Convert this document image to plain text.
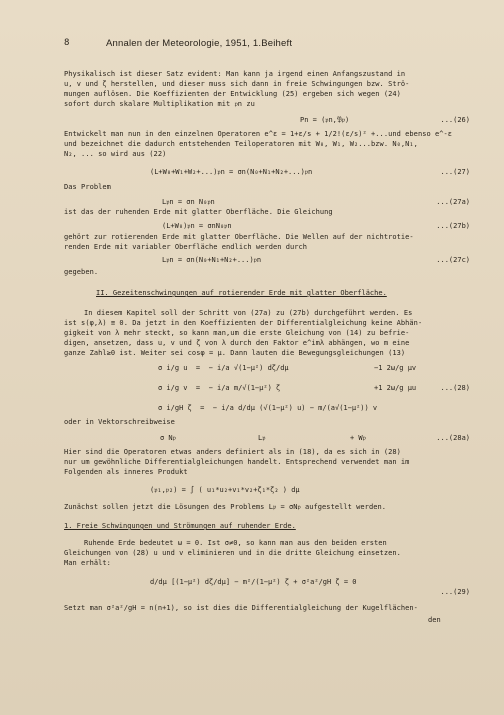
8	Annalen der Meteorologie, 1951, 1.Beiheft
Physikalisch ist dieser Satz evident: Man kann ja irgend einen Anfangszustand in
u, v und ζ herstellen, und dieser muss sich dann in freie Schwingungen bzw. Strö-
mungen auflösen. Die Koeffizienten der Entwicklung (25) ergeben sich wegen (24)
sofort durch skalare Multiplikation mit 𝔭n zu
Pn = (𝔭n,𝔓𝔭)	...(26)
Entwickelt man nun in den einzelnen Operatoren e^ε = 1+ε/s + 1/2!(ε/s)² +...und ebenso e^-ε
und bezeichnet die dadurch entstehenden Teiloperatoren mit W₀, W₁, W₂...bzw. N₀,N₁,
N₂, ... so wird aus (22)
(L+W₀+W₁+W₂+...)𝔭n = σn(N₀+N₁+N₂+...)𝔭n	...(27)
Das Problem
L𝔭n = σn N₀𝔭n	...(27a)
ist das der ruhenden Erde mit glatter Oberfläche. Die Gleichung
(L+W₀)𝔭n = σnN₀𝔭n	...(27b)
gehört zur rotierenden Erde mit glatter Oberfläche. Die Wellen auf der nichtrotie-
renden Erde mit variabler Oberfläche endlich werden durch
L𝔭n = σn(N₀+N₁+N₂+...)𝔭n	...(27c)
gegeben.
II. Gezeitenschwingungen auf rotierender Erde mit glatter Oberfläche.
In diesem Kapitel soll der Schritt von (27a) zu (27b) durchgeführt werden. Es
ist s(φ,λ) ≡ 0. Da jetzt in den Koeffizienten der Differentialgleichung keine Abhän-
gigkeit von λ mehr steckt, so kann man,um die erste Gleichung von (14) zu befrie-
digen, ansetzen, dass u, v und ζ von λ durch den Faktor e^imλ abhängen, wo m eine
ganze Zahl≥0 ist. Weiter sei cosφ = μ. Dann lauten die Bewegungsgleichungen (13)
σ i/g u  =  − i/a √(1−μ²) dζ/dμ	−1 2ω/g μv
σ i/g v  =  − i/a m/√(1−μ²) ζ	+1 2ω/g μu	...(28)
σ i/gH ζ  =  − i/a d/dμ (√(1−μ²) u) − m/(a√(1−μ²)) v
oder in Vektorschreibweise
σ N𝔭	L𝔭	+ W𝔭	...(28a)
Hier sind die Operatoren etwas anders definiert als in (18), da es sich in (28)
nur um gewöhnliche Differentialgleichungen handelt. Entsprechend verwendet man im
Folgenden als inneres Produkt
(𝔭₁,𝔭₂) = ∫ ( u₁*u₂+v₁*v₂+ζ₁*ζ₂ ) dμ
Zunächst sollen jetzt die Lösungen des Problems L𝔭 = σN𝔭 aufgestellt werden.
1. Freie Schwingungen und Strömungen auf ruhender Erde.
Ruhende Erde bedeutet ω = 0. Ist σ≠0, so kann man aus den beiden ersten
Gleichungen von (28) u und v eliminieren und in die dritte Gleichung einsetzen.
Man erhält:
d/dμ [(1−μ²) dζ/dμ] − m²/(1−μ²) ζ + σ²a²/gH ζ = 0
...(29)
Setzt man σ²a²/gH = n(n+1), so ist dies die Differentialgleichung der Kugelflächen-
den
